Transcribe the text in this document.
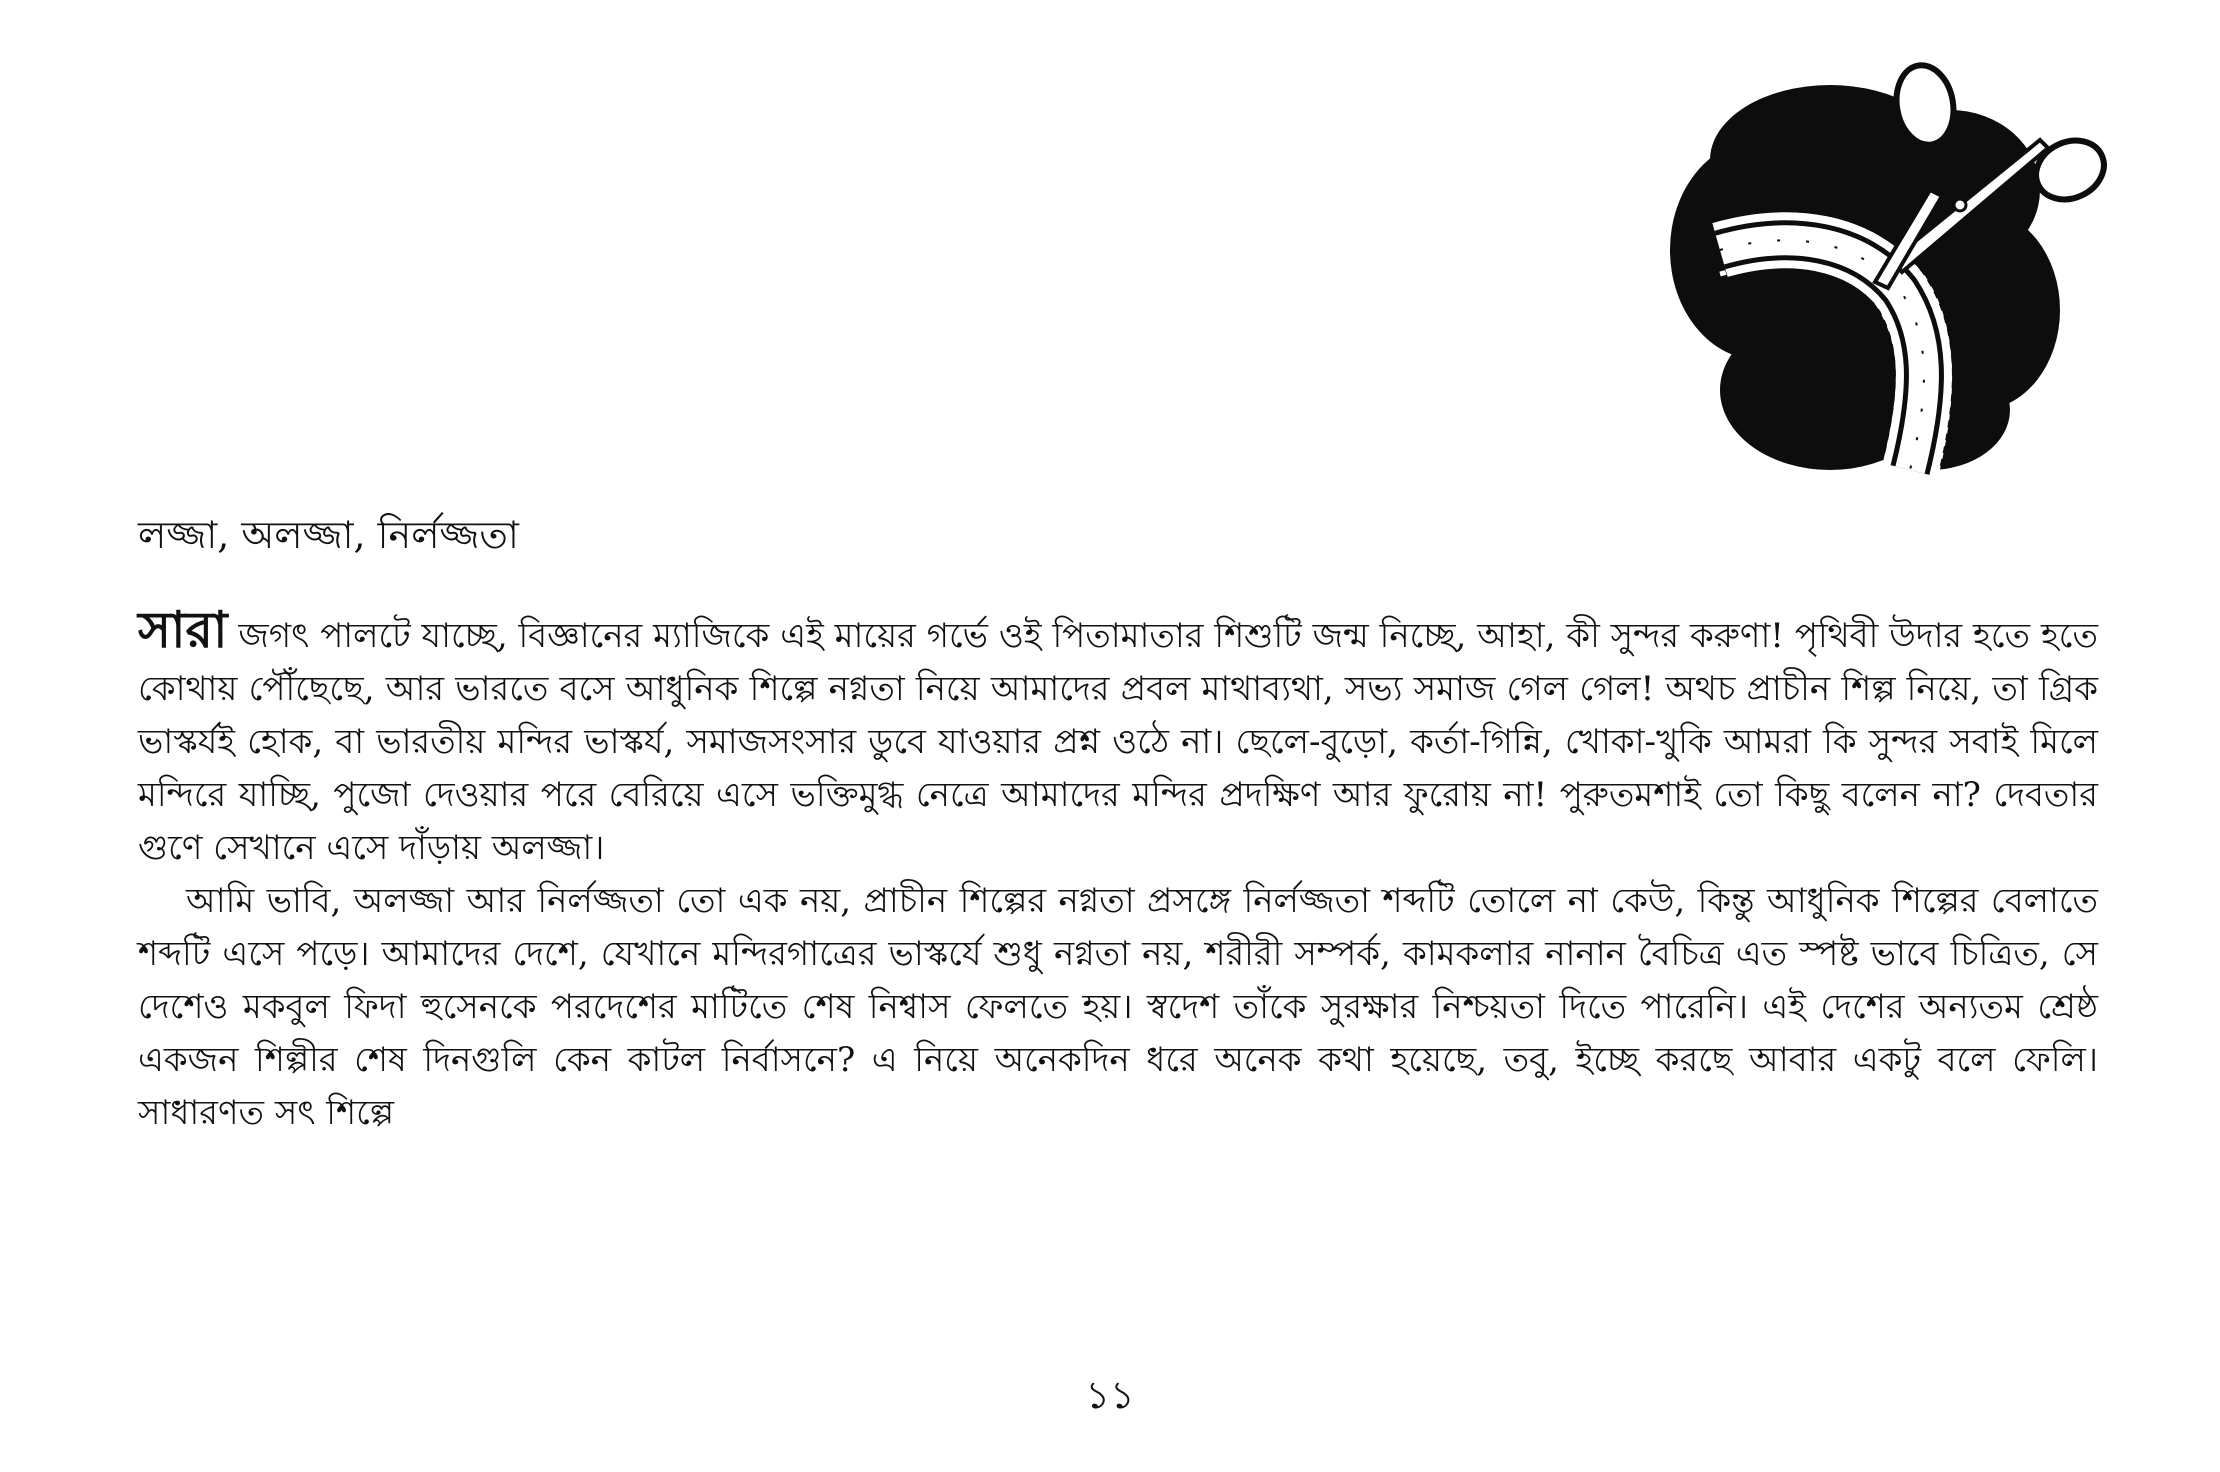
লজ্জা, অলজ্জা, নির্লজ্জতা

সারা জগৎ পালটে যাচ্ছে, বিজ্ঞানের ম্যাজিকে এই মায়ের গর্ভে ওই পিতামাতার শিশুটি জন্ম নিচ্ছে, আহা, কী সুন্দর করুণা! পৃথিবী উদার হতে হতে কোথায় পৌঁছেছে, আর ভারতে বসে আধুনিক শিল্পে নগ্নতা নিয়ে আমাদের প্রবল মাথাব্যথা, সভ্য সমাজ গেল গেল! অথচ প্রাচীন শিল্প নিয়ে, তা গ্রিক ভাস্কর্যই হোক, বা ভারতীয় মন্দির ভাস্কর্য, সমাজসংসার ডুবে যাওয়ার প্রশ্ন ওঠে না। ছেলে-বুড়ো, কর্তা-গিন্নি, খোকা-খুকি আমরা কি সুন্দর সবাই মিলে মন্দিরে যাচ্ছি, পুজো দেওয়ার পরে বেরিয়ে এসে ভক্তিমুগ্ধ নেত্রে আমাদের মন্দির প্রদক্ষিণ আর ফুরোয় না! পুরুতমশাই তো কিছু বলেন না? দেবতার গুণে সেখানে এসে দাঁড়ায় অলজ্জা।

আমি ভাবি, অলজ্জা আর নির্লজ্জতা তো এক নয়, প্রাচীন শিল্পের নগ্নতা প্রসঙ্গে নির্লজ্জতা শব্দটি তোলে না কেউ, কিন্তু আধুনিক শিল্পের বেলাতে শব্দটি এসে পড়ে। আমাদের দেশে, যেখানে মন্দিরগাত্রের ভাস্কর্যে শুধু নগ্নতা নয়, শরীরী সম্পর্ক, কামকলার নানান বৈচিত্র এত স্পষ্ট ভাবে চিত্রিত, সে দেশেও মকবুল ফিদা হুসেনকে পরদেশের মাটিতে শেষ নিশ্বাস ফেলতে হয়। স্বদেশ তাঁকে সুরক্ষার নিশ্চয়তা দিতে পারেনি। এই দেশের অন্যতম শ্রেষ্ঠ একজন শিল্পীর শেষ দিনগুলি কেন কাটল নির্বাসনে? এ নিয়ে অনেকদিন ধরে অনেক কথা হয়েছে, তবু, ইচ্ছে করছে আবার একটু বলে ফেলি। সাধারণত সৎ শিল্পে

১১
